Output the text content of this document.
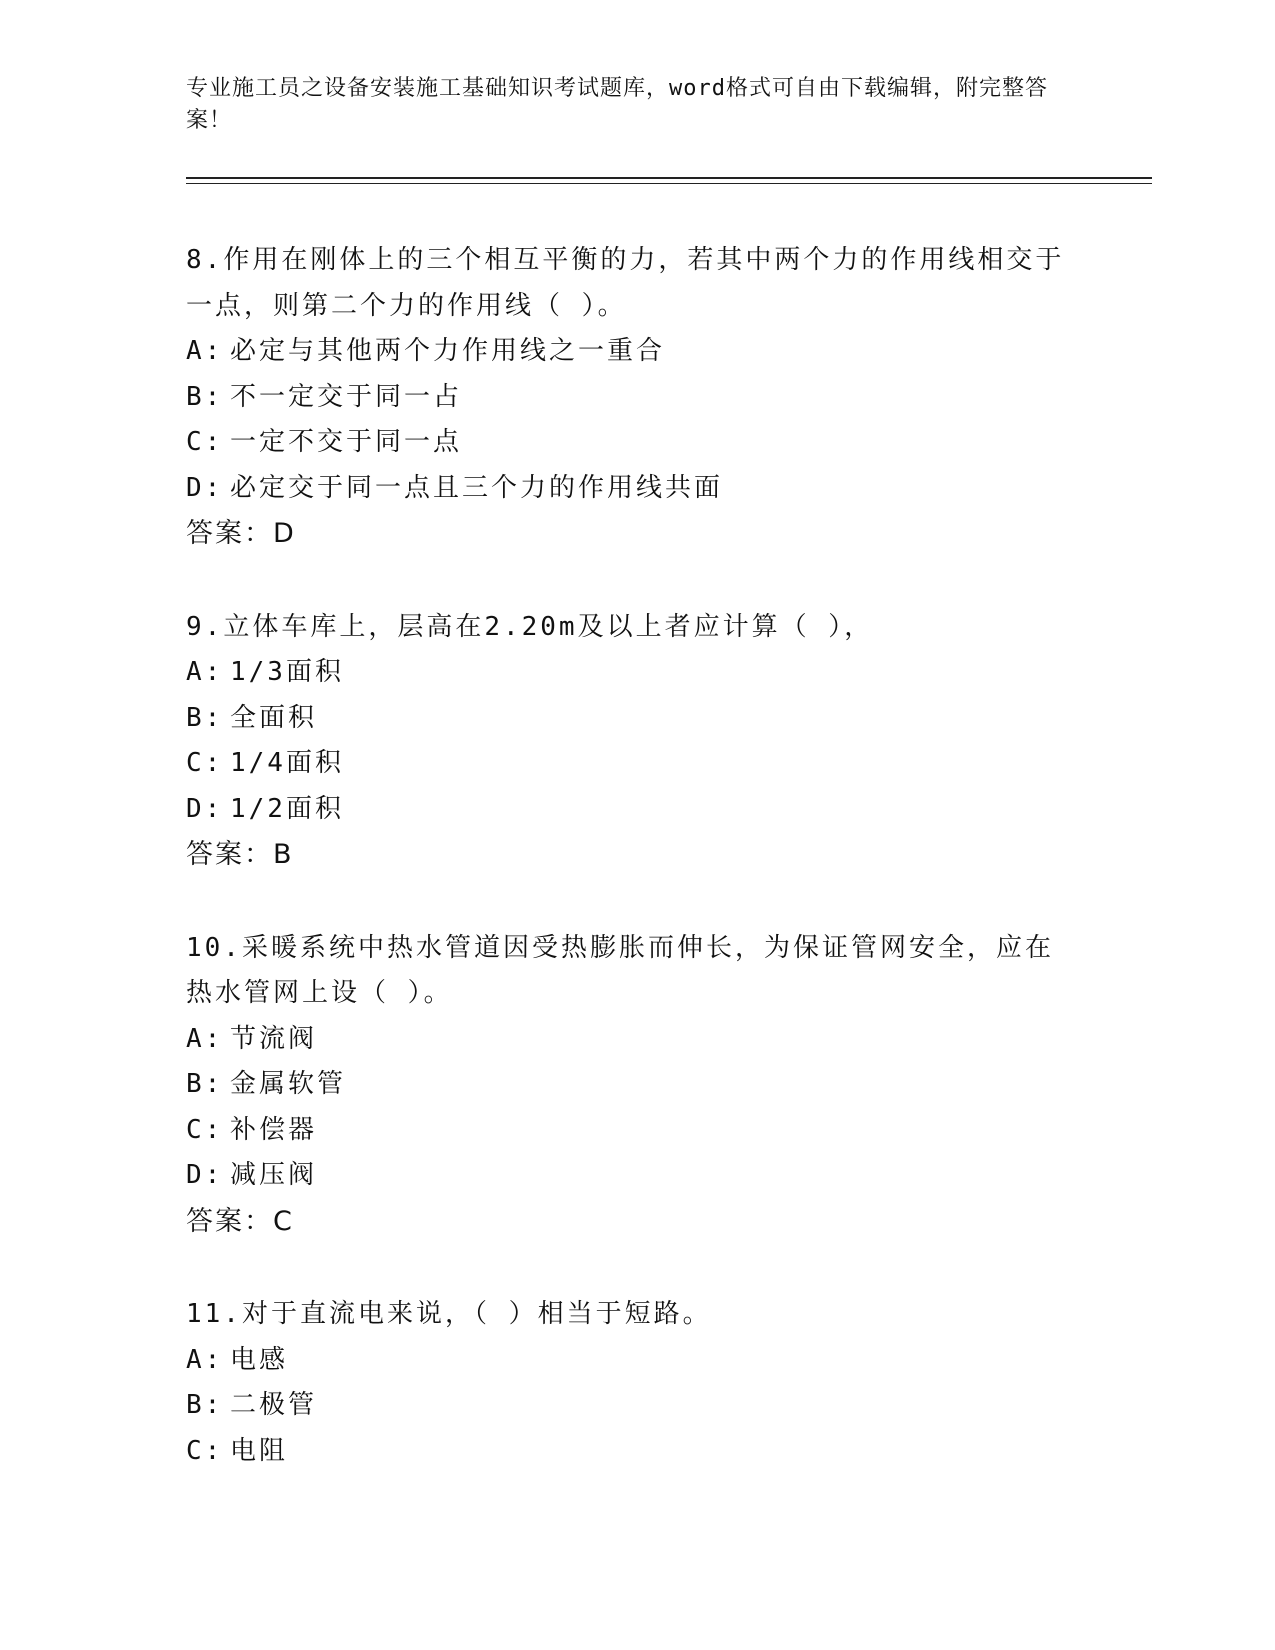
专业施工员之设备安装施工基础知识考试题库，word格式可自由下载编辑，附完整答案！
8.作用在刚体上的三个相互平衡的力，若其中两个力的作用线相交于一点，则第二个力的作用线（ ）。
A: 必定与其他两个力作用线之一重合
B: 不一定交于同一占
C: 一定不交于同一点
D: 必定交于同一点且三个力的作用线共面
答案：D
9.立体车库上，层高在2.20m及以上者应计算（ ），
A: 1/3面积
B: 全面积
C: 1/4面积
D: 1/2面积
答案：B
10.采暖系统中热水管道因受热膨胀而伸长，为保证管网安全，应在热水管网上设（ ）。
A: 节流阀
B: 金属软管
C: 补偿器
D: 减压阀
答案：C
11.对于直流电来说，（ ）相当于短路。
A: 电感
B: 二极管
C: 电阻
